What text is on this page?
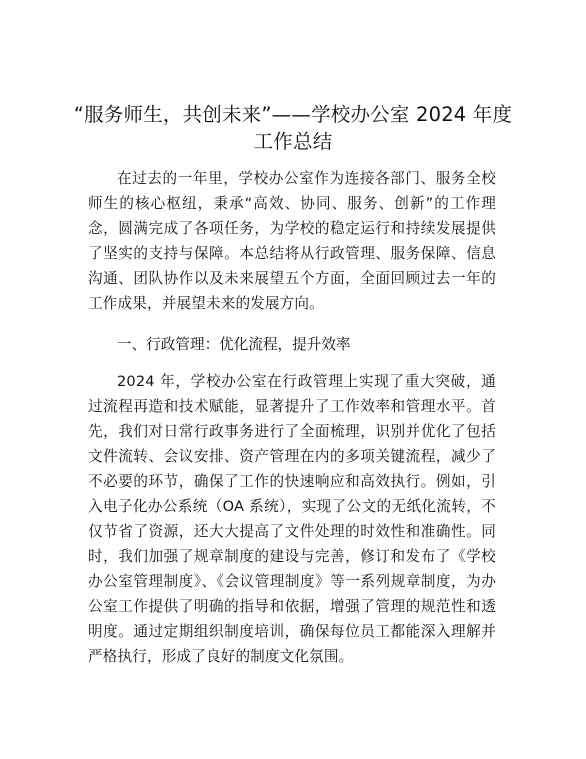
“服务师生，共创未来”——学校办公室 2024 年度工作总结

在过去的一年里，学校办公室作为连接各部门、服务全校师生的核心枢纽，秉承“高效、协同、服务、创新”的工作理念，圆满完成了各项任务，为学校的稳定运行和持续发展提供了坚实的支持与保障。本总结将从行政管理、服务保障、信息沟通、团队协作以及未来展望五个方面，全面回顾过去一年的工作成果，并展望未来的发展方向。

一、行政管理：优化流程，提升效率

2024 年，学校办公室在行政管理上实现了重大突破，通过流程再造和技术赋能，显著提升了工作效率和管理水平。首先，我们对日常行政事务进行了全面梳理，识别并优化了包括文件流转、会议安排、资产管理在内的多项关键流程，减少了不必要的环节，确保了工作的快速响应和高效执行。例如，引入电子化办公系统（OA 系统），实现了公文的无纸化流转，不仅节省了资源，还大大提高了文件处理的时效性和准确性。同时，我们加强了规章制度的建设与完善，修订和发布了《学校办公室管理制度》、《会议管理制度》等一系列规章制度，为办公室工作提供了明确的指导和依据，增强了管理的规范性和透明度。通过定期组织制度培训，确保每位员工都能深入理解并严格执行，形成了良好的制度文化氛围。
